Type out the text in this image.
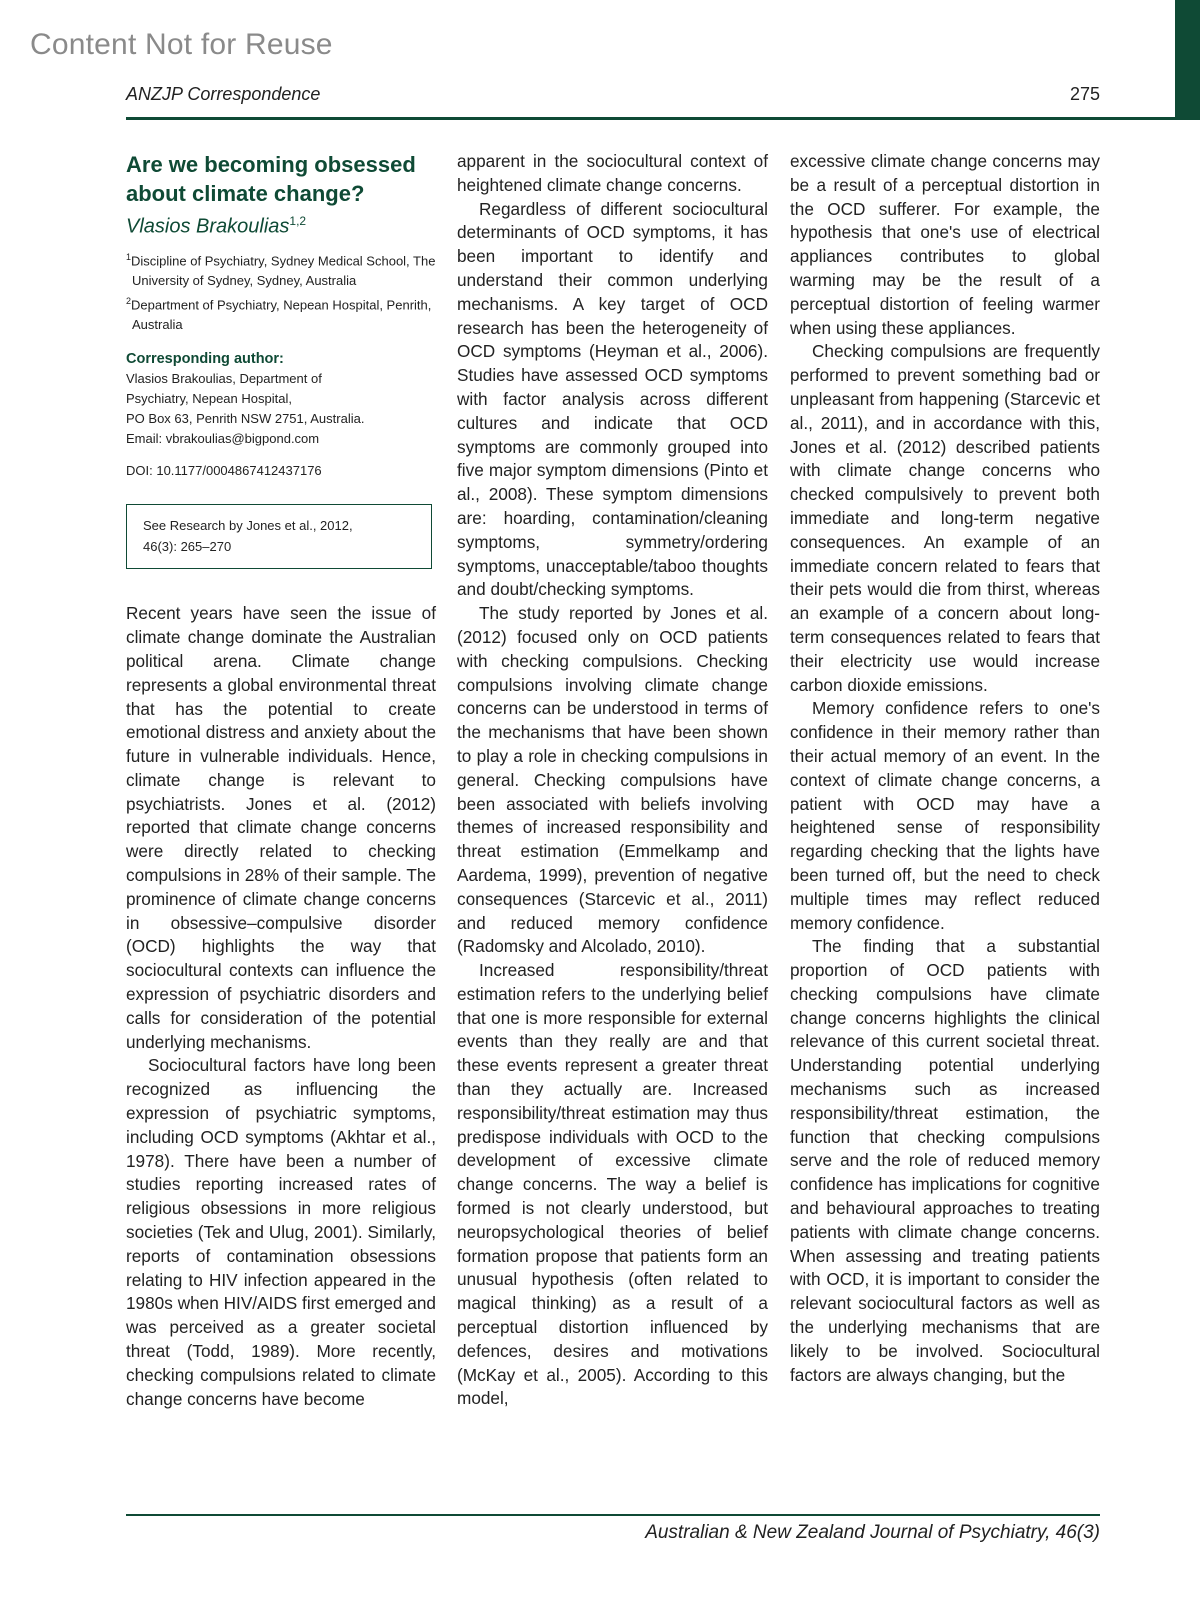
Content Not for Reuse
ANZJP Correspondence	275
Are we becoming obsessed about climate change?
Vlasios Brakoulias$^{1,2}$

$^1$Discipline of Psychiatry, Sydney Medical School, The University of Sydney, Sydney, Australia
$^2$Department of Psychiatry, Nepean Hospital, Penrith, Australia

Corresponding author:

Vlasios Brakoulias, Department of
Psychiatry, Nepean Hospital,
PO Box 63, Penrith NSW 2751, Australia.
Email: vbrakoulias@bigpond.com

DOI: 10.1177/0004867412437176

See Research by Jones et al., 2012,
46(3): 265–270

Recent years have seen the issue of climate change dominate the Australian political arena. Climate change represents a global environmental threat that has the potential to create emotional distress and anxiety about the future in vulnerable individuals. Hence, climate change is relevant to psychiatrists. Jones et al. (2012) reported that climate change concerns were directly related to checking compulsions in 28% of their sample. The prominence of climate change concerns in obsessive–compulsive disorder (OCD) highlights the way that sociocultural contexts can influence the expression of psychiatric disorders and calls for consideration of the potential underlying mechanisms.

Sociocultural factors have long been recognized as influencing the expression of psychiatric symptoms, including OCD symptoms (Akhtar et al., 1978). There have been a number of studies reporting increased rates of religious obsessions in more religious societies (Tek and Ulug, 2001). Similarly, reports of contamination obsessions relating to HIV infection appeared in the 1980s when HIV/AIDS first emerged and was perceived as a greater societal threat (Todd, 1989). More recently, checking compulsions related to climate change concerns have become

apparent in the sociocultural context of heightened climate change concerns.

Regardless of different sociocultural determinants of OCD symptoms, it has been important to identify and understand their common underlying mechanisms. A key target of OCD research has been the heterogeneity of OCD symptoms (Heyman et al., 2006). Studies have assessed OCD symptoms with factor analysis across different cultures and indicate that OCD symptoms are commonly grouped into five major symptom dimensions (Pinto et al., 2008). These symptom dimensions are: hoarding, contamination/cleaning symptoms, symmetry/ordering symptoms, unacceptable/taboo thoughts and doubt/checking symptoms.

The study reported by Jones et al. (2012) focused only on OCD patients with checking compulsions. Checking compulsions involving climate change concerns can be understood in terms of the mechanisms that have been shown to play a role in checking compulsions in general. Checking compulsions have been associated with beliefs involving themes of increased responsibility and threat estimation (Emmelkamp and Aardema, 1999), prevention of negative consequences (Starcevic et al., 2011) and reduced memory confidence (Radomsky and Alcolado, 2010).

Increased responsibility/threat estimation refers to the underlying belief that one is more responsible for external events than they really are and that these events represent a greater threat than they actually are. Increased responsibility/threat estimation may thus predispose individuals with OCD to the development of excessive climate change concerns. The way a belief is formed is not clearly understood, but neuropsychological theories of belief formation propose that patients form an unusual hypothesis (often related to magical thinking) as a result of a perceptual distortion influenced by defences, desires and motivations (McKay et al., 2005). According to this model,

excessive climate change concerns may be a result of a perceptual distortion in the OCD sufferer. For example, the hypothesis that one's use of electrical appliances contributes to global warming may be the result of a perceptual distortion of feeling warmer when using these appliances.

Checking compulsions are frequently performed to prevent something bad or unpleasant from happening (Starcevic et al., 2011), and in accordance with this, Jones et al. (2012) described patients with climate change concerns who checked compulsively to prevent both immediate and long-term negative consequences. An example of an immediate concern related to fears that their pets would die from thirst, whereas an example of a concern about long-term consequences related to fears that their electricity use would increase carbon dioxide emissions.

Memory confidence refers to one's confidence in their memory rather than their actual memory of an event. In the context of climate change concerns, a patient with OCD may have a heightened sense of responsibility regarding checking that the lights have been turned off, but the need to check multiple times may reflect reduced memory confidence.

The finding that a substantial proportion of OCD patients with checking compulsions have climate change concerns highlights the clinical relevance of this current societal threat. Understanding potential underlying mechanisms such as increased responsibility/threat estimation, the function that checking compulsions serve and the role of reduced memory confidence has implications for cognitive and behavioural approaches to treating patients with climate change concerns. When assessing and treating patients with OCD, it is important to consider the relevant sociocultural factors as well as the underlying mechanisms that are likely to be involved. Sociocultural factors are always changing, but the

Australian & New Zealand Journal of Psychiatry, 46(3)
